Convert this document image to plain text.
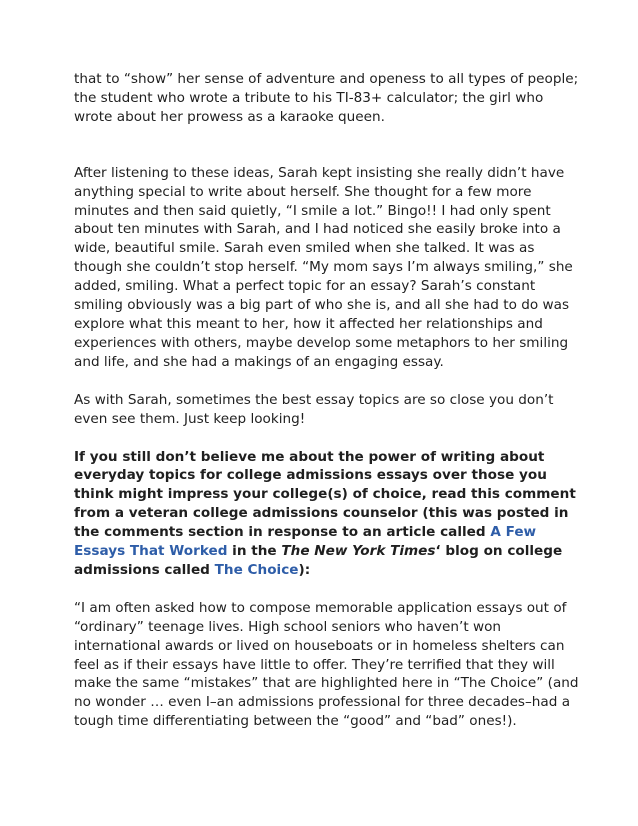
that to “show” her sense of adventure and openess to all types of people; the student who wrote a tribute to his TI-83+ calculator; the girl who wrote about her prowess as a karaoke queen.

After listening to these ideas, Sarah kept insisting she really didn’t have anything special to write about herself. She thought for a few more minutes and then said quietly, “I smile a lot.” Bingo!! I had only spent about ten minutes with Sarah, and I had noticed she easily broke into a wide, beautiful smile. Sarah even smiled when she talked. It was as though she couldn’t stop herself. “My mom says I’m always smiling,” she added, smiling. What a perfect topic for an essay? Sarah’s constant smiling obviously was a big part of who she is, and all she had to do was explore what this meant to her, how it affected her relationships and experiences with others, maybe develop some metaphors to her smiling and life, and she had a makings of an engaging essay.

As with Sarah, sometimes the best essay topics are so close you don’t even see them. Just keep looking!

If you still don’t believe me about the power of writing about everyday topics for college admissions essays over those you think might impress your college(s) of choice, read this comment from a veteran college admissions counselor (this was posted in the comments section in response to an article called A Few Essays That Worked in the The New York Times‘ blog on college admissions called The Choice):

“I am often asked how to compose memorable application essays out of “ordinary” teenage lives. High school seniors who haven’t won international awards or lived on houseboats or in homeless shelters can feel as if their essays have little to offer. They’re terrified that they will make the same “mistakes” that are highlighted here in “The Choice” (and no wonder … even I–an admissions professional for three decades–had a tough time differentiating between the “good” and “bad” ones!).
